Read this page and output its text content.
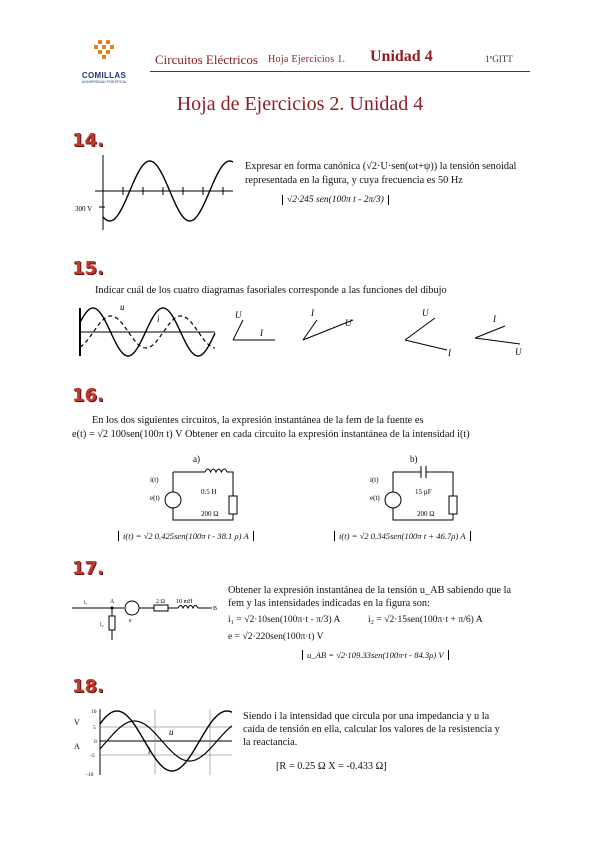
COMILLAS
UNIVERSIDAD PONTIFICIA
Circuitos Eléctricos Hoja Ejercicios 1. Unidad 4	1ºGITT
Hoja de Ejercicios 2. Unidad 4
14.
300 V
Expresar en forma canónica (√2·U·sen(ωt+ψ)) la tensión senoidal representada en la figura, y cuya frecuencia es 50 Hz
√2·245 sen(100π t - 2π/3)
15.
Indicar cuál de los cuatro diagramas fasoriales corresponde a las funciones del dibujo
u
i	U
I
I
U
U
I
I
U
16.
En los dos siguientes circuitos, la expresión instantánea de la fem de la fuente es
e(t) = √2 100sen(100π t) V Obtener en cada circuito la expresión instantánea de la intensidad i(t)
a)
i(t)
e(t)
0.5 H
200 Ω
b)
i(t)
e(t)
15 µF
200 Ω
i(t) = √2 0.425sen(100π t - 38.1 ρ) A	i(t) = √2 0.345sen(100π t + 46.7ρ) A
17.
A
B
2 Ω 10 mH
i₁
i₂
e
Obtener la expresión instantánea de la tensión u_AB sabiendo que la
fem y las intensidades indicadas en la figura son:
i₁ = √2·10sen(100π·t - π/3) A	i₂ = √2·15sen(100π·t + π/6) A
e = √2·220sen(100π·t) V
u_AB = √2·109.33sen(100π·t - 84.3ρ) V
18.
V
A
10
5
0
-5
-10
u
i
Siendo i la intensidad que circula por una impedancia y u la
caída de tensión en ella, calcular los valores de la resistencia y
la reactancia.
[R = 0.25 Ω X = -0.433 Ω]
